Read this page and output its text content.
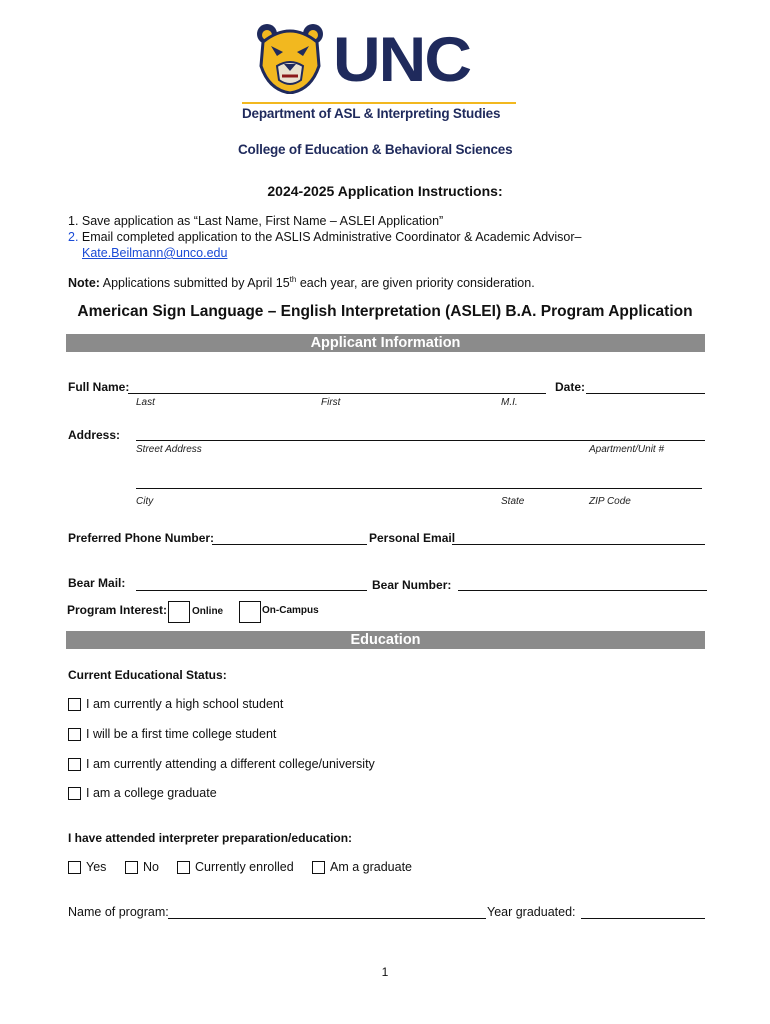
UNC
Department of ASL & Interpreting Studies
College of Education & Behavioral Sciences
2024-2025 Application Instructions:
1. Save application as “Last Name, First Name – ASLEI Application”
2. Email completed application to the ASLIS Administrative Coordinator & Academic Advisor–
Kate.Beilmann@unco.edu
Note: Applications submitted by April 15th each year, are given priority consideration.
American Sign Language – English Interpretation (ASLEI) B.A. Program Application
Applicant Information
Full Name:	Date:
Last	First	M.I.
Address:
Street Address	Apartment/Unit #
City	State	ZIP Code
Preferred Phone Number:	Personal Email
Bear Mail:	Bear Number:
Program Interest: Online	On-Campus
Education
Current Educational Status:
I am currently a high school student
I will be a first time college student
I am currently attending a different college/university
I am a college graduate
I have attended interpreter preparation/education:
Yes	No	Currently enrolled	Am a graduate
Name of program:	Year graduated:
1
